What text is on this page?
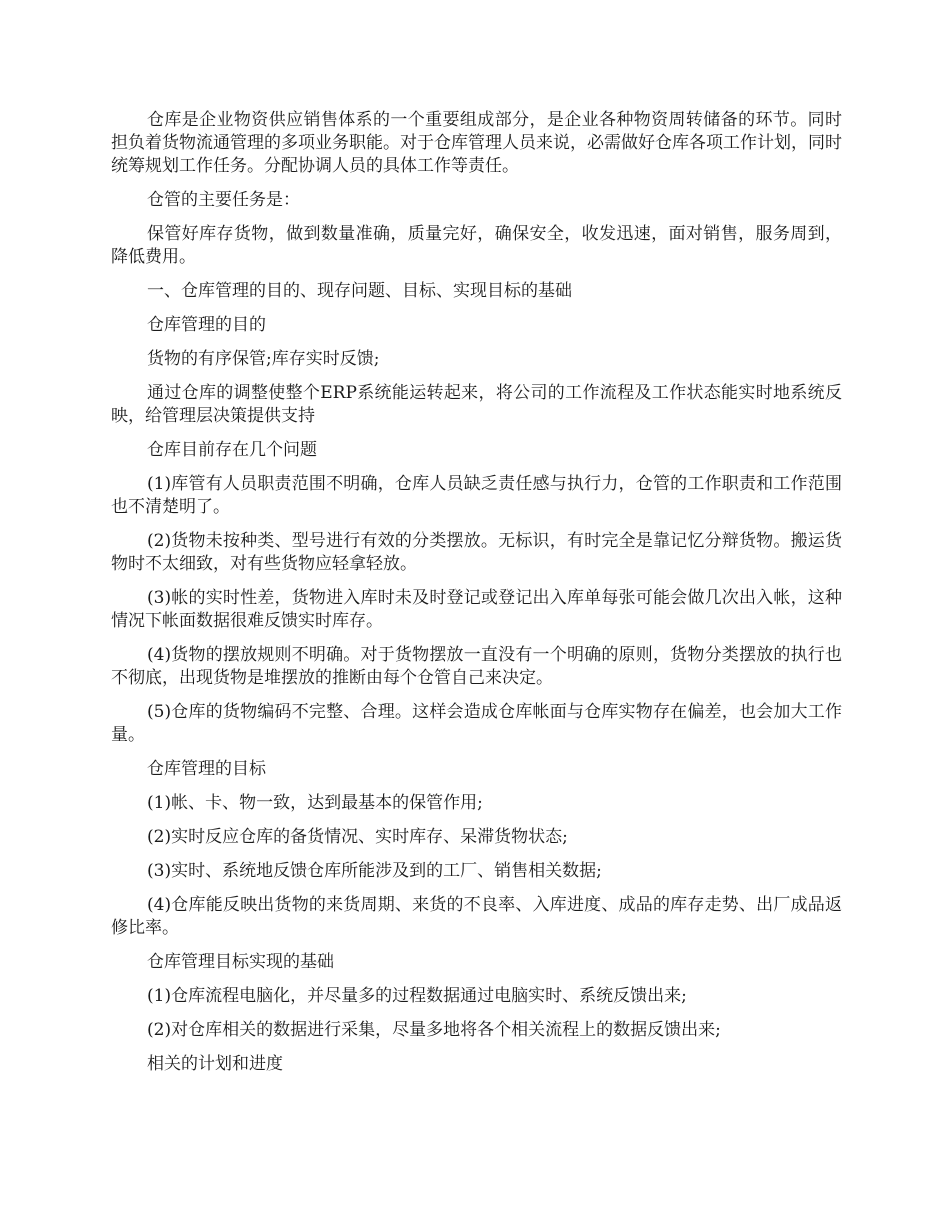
仓库是企业物资供应销售体系的一个重要组成部分，是企业各种物资周转储备的环节。同时担负着货物流通管理的多项业务职能。对于仓库管理人员来说，必需做好仓库各项工作计划，同时统筹规划工作任务。分配协调人员的具体工作等责任。

仓管的主要任务是：

保管好库存货物，做到数量准确，质量完好，确保安全，收发迅速，面对销售，服务周到，降低费用。

一、仓库管理的目的、现存问题、目标、实现目标的基础

仓库管理的目的

货物的有序保管;库存实时反馈;

通过仓库的调整使整个ERP系统能运转起来，将公司的工作流程及工作状态能实时地系统反映，给管理层决策提供支持

仓库目前存在几个问题

(1)库管有人员职责范围不明确，仓库人员缺乏责任感与执行力，仓管的工作职责和工作范围也不清楚明了。

(2)货物未按种类、型号进行有效的分类摆放。无标识，有时完全是靠记忆分辩货物。搬运货物时不太细致，对有些货物应轻拿轻放。

(3)帐的实时性差，货物进入库时未及时登记或登记出入库单每张可能会做几次出入帐，这种情况下帐面数据很难反馈实时库存。

(4)货物的摆放规则不明确。对于货物摆放一直没有一个明确的原则，货物分类摆放的执行也不彻底，出现货物是堆摆放的推断由每个仓管自己来决定。

(5)仓库的货物编码不完整、合理。这样会造成仓库帐面与仓库实物存在偏差，也会加大工作量。

仓库管理的目标

(1)帐、卡、物一致，达到最基本的保管作用;

(2)实时反应仓库的备货情况、实时库存、呆滞货物状态;

(3)实时、系统地反馈仓库所能涉及到的工厂、销售相关数据;

(4)仓库能反映出货物的来货周期、来货的不良率、入库进度、成品的库存走势、出厂成品返修比率。

仓库管理目标实现的基础

(1)仓库流程电脑化，并尽量多的过程数据通过电脑实时、系统反馈出来;

(2)对仓库相关的数据进行采集，尽量多地将各个相关流程上的数据反馈出来;

相关的计划和进度
